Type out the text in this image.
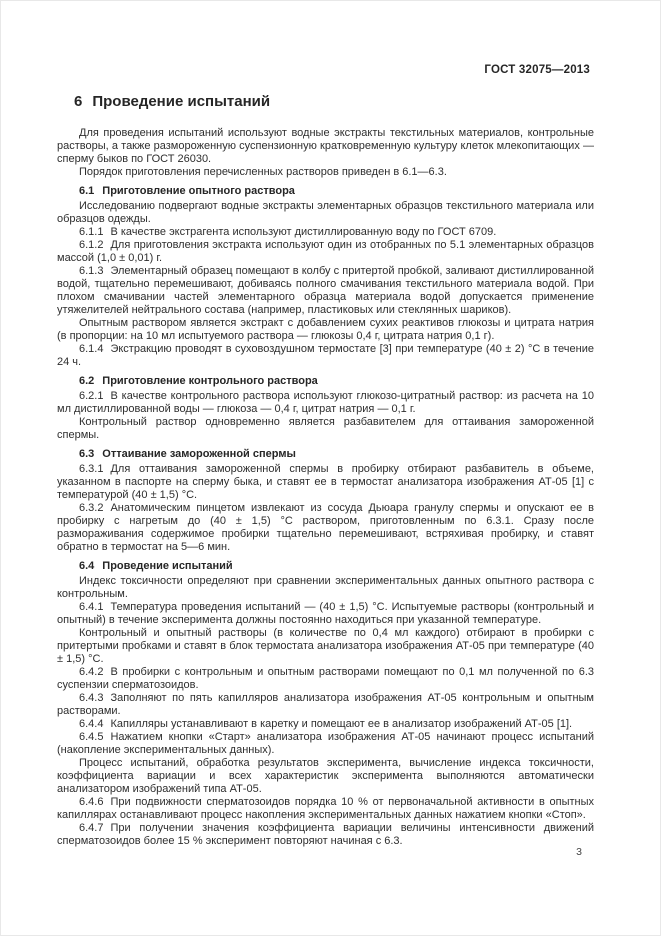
ГОСТ 32075—2013
6 Проведение испытаний

Для проведения испытаний используют водные экстракты текстильных материалов, контрольные растворы, а также размороженную суспензионную кратковременную культуру клеток млекопитающих — сперму быков по ГОСТ 26030.

Порядок приготовления перечисленных растворов приведен в 6.1—6.3.

6.1 Приготовление опытного раствора

Исследованию подвергают водные экстракты элементарных образцов текстильного материала или образцов одежды.

6.1.1 В качестве экстрагента используют дистиллированную воду по ГОСТ 6709.

6.1.2 Для приготовления экстракта используют один из отобранных по 5.1 элементарных образцов массой (1,0 ± 0,01) г.

6.1.3 Элементарный образец помещают в колбу с притертой пробкой, заливают дистиллированной водой, тщательно перемешивают, добиваясь полного смачивания текстильного материала водой. При плохом смачивании частей элементарного образца материала водой допускается применение утяжелителей нейтрального состава (например, пластиковых или стеклянных шариков).

Опытным раствором является экстракт с добавлением сухих реактивов глюкозы и цитрата натрия (в пропорции: на 10 мл испытуемого раствора — глюкозы 0,4 г, цитрата натрия 0,1 г).

6.1.4 Экстракцию проводят в суховоздушном термостате [3] при температуре (40 ± 2) °С в течение 24 ч.

6.2 Приготовление контрольного раствора

6.2.1 В качестве контрольного раствора используют глюкозо-цитратный раствор: из расчета на 10 мл дистиллированной воды — глюкоза — 0,4 г, цитрат натрия — 0,1 г.

Контрольный раствор одновременно является разбавителем для оттаивания замороженной спермы.

6.3 Оттаивание замороженной спермы

6.3.1 Для оттаивания замороженной спермы в пробирку отбирают разбавитель в объеме, указанном в паспорте на сперму быка, и ставят ее в термостат анализатора изображения АТ-05 [1] с температурой (40 ± 1,5) °С.

6.3.2 Анатомическим пинцетом извлекают из сосуда Дьюара гранулу спермы и опускают ее в пробирку с нагретым до (40 ± 1,5) °С раствором, приготовленным по 6.3.1. Сразу после размораживания содержимое пробирки тщательно перемешивают, встряхивая пробирку, и ставят обратно в термостат на 5—6 мин.

6.4 Проведение испытаний

Индекс токсичности определяют при сравнении экспериментальных данных опытного раствора с контрольным.

6.4.1 Температура проведения испытаний — (40 ± 1,5) °С. Испытуемые растворы (контрольный и опытный) в течение эксперимента должны постоянно находиться при указанной температуре.

Контрольный и опытный растворы (в количестве по 0,4 мл каждого) отбирают в пробирки с притертыми пробками и ставят в блок термостата анализатора изображения АТ-05 при температуре (40 ± 1,5) °С.

6.4.2 В пробирки с контрольным и опытным растворами помещают по 0,1 мл полученной по 6.3 суспензии сперматозоидов.

6.4.3 Заполняют по пять капилляров анализатора изображения АТ-05 контрольным и опытным растворами.

6.4.4 Капилляры устанавливают в каретку и помещают ее в анализатор изображений АТ-05 [1].

6.4.5 Нажатием кнопки «Старт» анализатора изображения АТ-05 начинают процесс испытаний (накопление экспериментальных данных).

Процесс испытаний, обработка результатов эксперимента, вычисление индекса токсичности, коэффициента вариации и всех характеристик эксперимента выполняются автоматически анализатором изображений типа АТ-05.

6.4.6 При подвижности сперматозоидов порядка 10 % от первоначальной активности в опытных капиллярах останавливают процесс накопления экспериментальных данных нажатием кнопки «Стоп».

6.4.7 При получении значения коэффициента вариации величины интенсивности движений сперматозоидов более 15 % эксперимент повторяют начиная с 6.3.

3
